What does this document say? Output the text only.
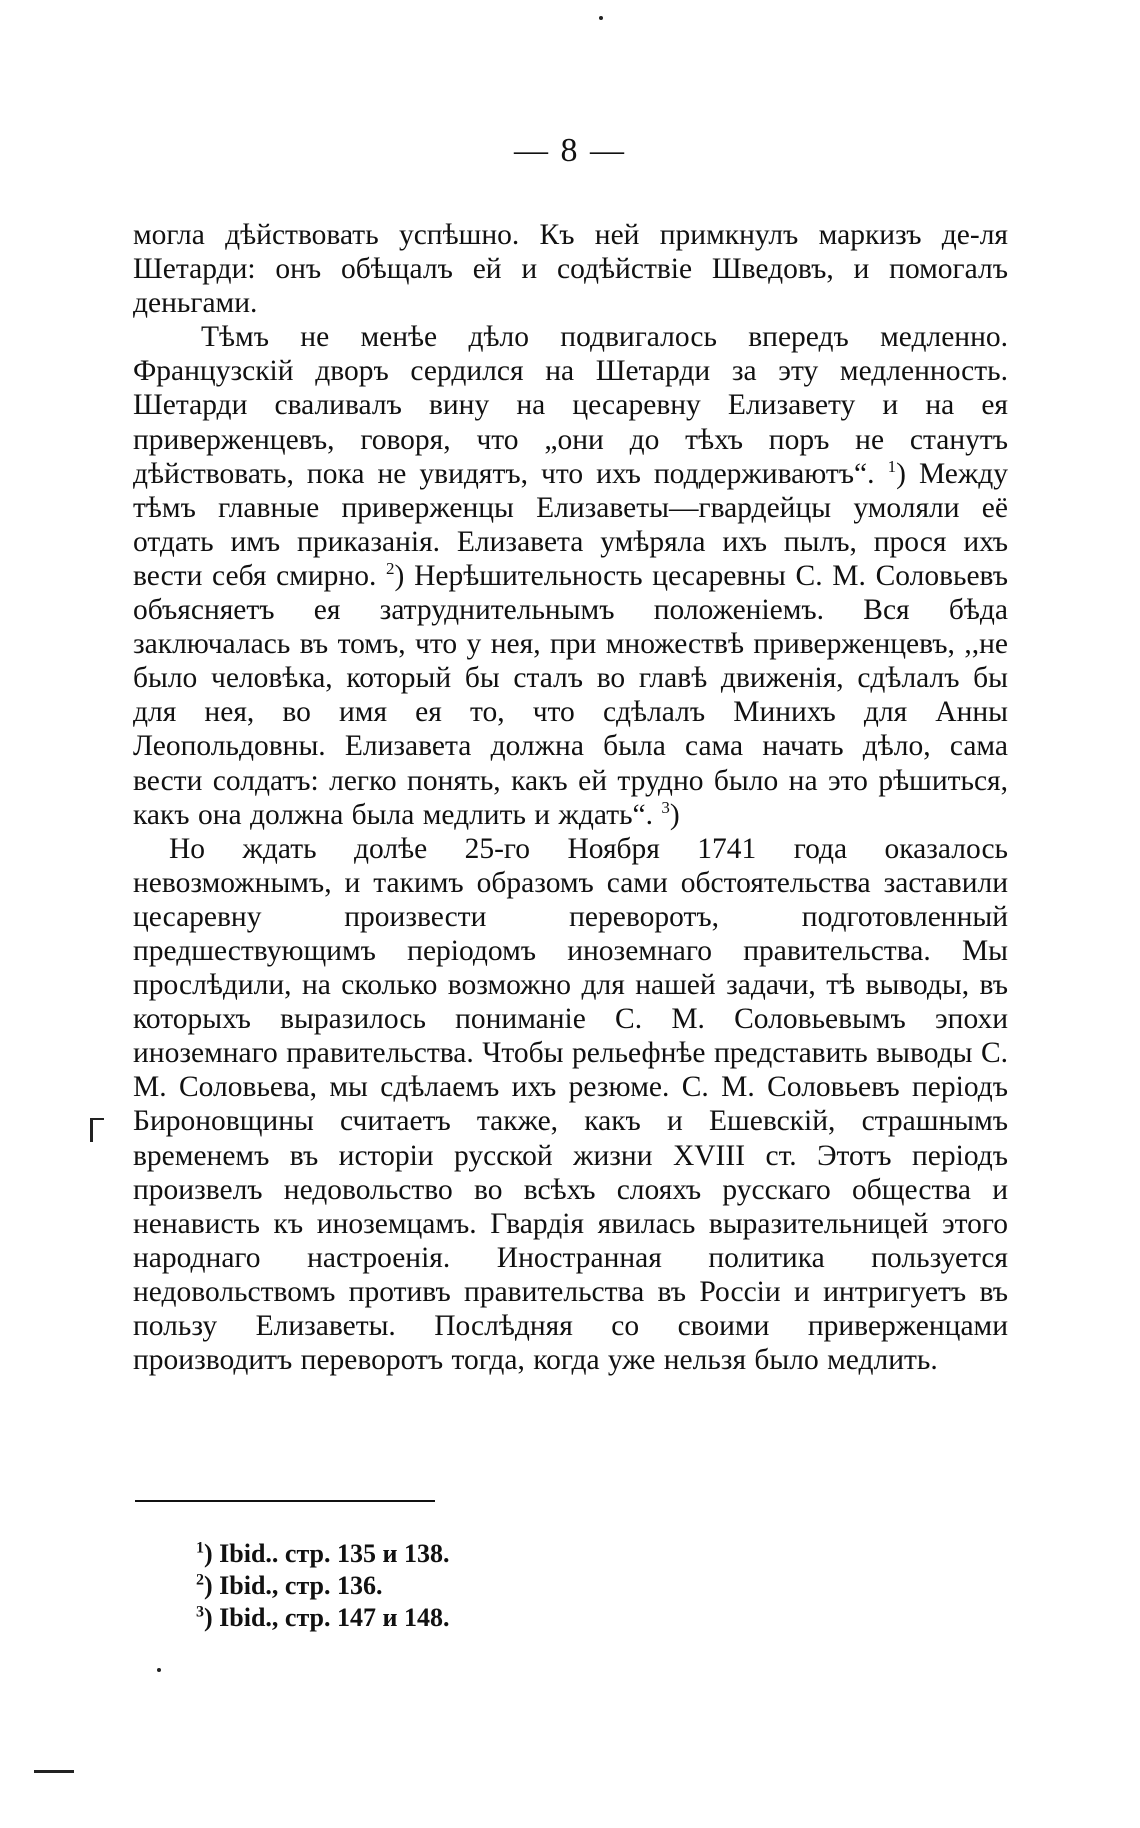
— 8 —

могла дѣйствовать успѣшно. Къ ней примкнулъ маркизъ де-ля Шетарди: онъ обѣщалъ ей и содѣйствіе Шведовъ, и помогалъ деньгами.

Тѣмъ не менѣе дѣло подвигалось впередъ медленно. Французскій дворъ сердился на Шетарди за эту медленность. Шетарди сваливалъ вину на цесаревну Елизавету и на ея приверженцевъ, говоря, что „они до тѣхъ поръ не станутъ дѣйствовать, пока не увидятъ, что ихъ поддерживаютъ“. $^1$) Между тѣмъ главные приверженцы Елизаветы—гвардейцы умоляли её отдать имъ приказанія. Елизавета умѣряла ихъ пылъ, прося ихъ вести себя смирно. $^2$) Нерѣшительность цесаревны С. М. Соловьевъ объясняетъ ея затруднительнымъ положеніемъ. Вся бѣда заключалась въ томъ, что у нея, при множествѣ приверженцевъ, ,,не было человѣка, который бы сталъ во главѣ движенія, сдѣлалъ бы для нея, во имя ея то, что сдѣлалъ Минихъ для Анны Леопольдовны. Елизавета должна была сама начать дѣло, сама вести солдатъ: легко понять, какъ ей трудно было на это рѣшиться, какъ она должна была медлить и ждать“. $^3$)

Но ждать долѣе 25-го Ноября 1741 года оказалось невозможнымъ, и такимъ образомъ сами обстоятельства заставили цесаревну произвести переворотъ, подготовленный предшествующимъ періодомъ иноземнаго правительства. Мы прослѣдили, на сколько возможно для нашей задачи, тѣ выводы, въ которыхъ выразилось пониманіе С. М. Соловьевымъ эпохи иноземнаго правительства. Чтобы рельефнѣе представить выводы С. М. Соловьева, мы сдѣлаемъ ихъ резюме. С. М. Соловьевъ періодъ Бироновщины считаетъ также, какъ и Ешевскій, страшнымъ временемъ въ исторіи русской жизни XVIII ст. Этотъ періодъ произвелъ недовольство во всѣхъ слояхъ русскаго общества и ненависть къ иноземцамъ. Гвардія явилась выразительницей этого народнаго настроенія. Иностранная политика пользуется недовольствомъ противъ правительства въ Россіи и интригуетъ въ пользу Елизаветы. Послѣдняя со своими приверженцами производитъ переворотъ тогда, когда уже нельзя было медлить.

$^1$) Ibid.. стр. 135 и 138.
$^2$) Ibid., стр. 136.
$^3$) Ibid., стр. 147 и 148.
